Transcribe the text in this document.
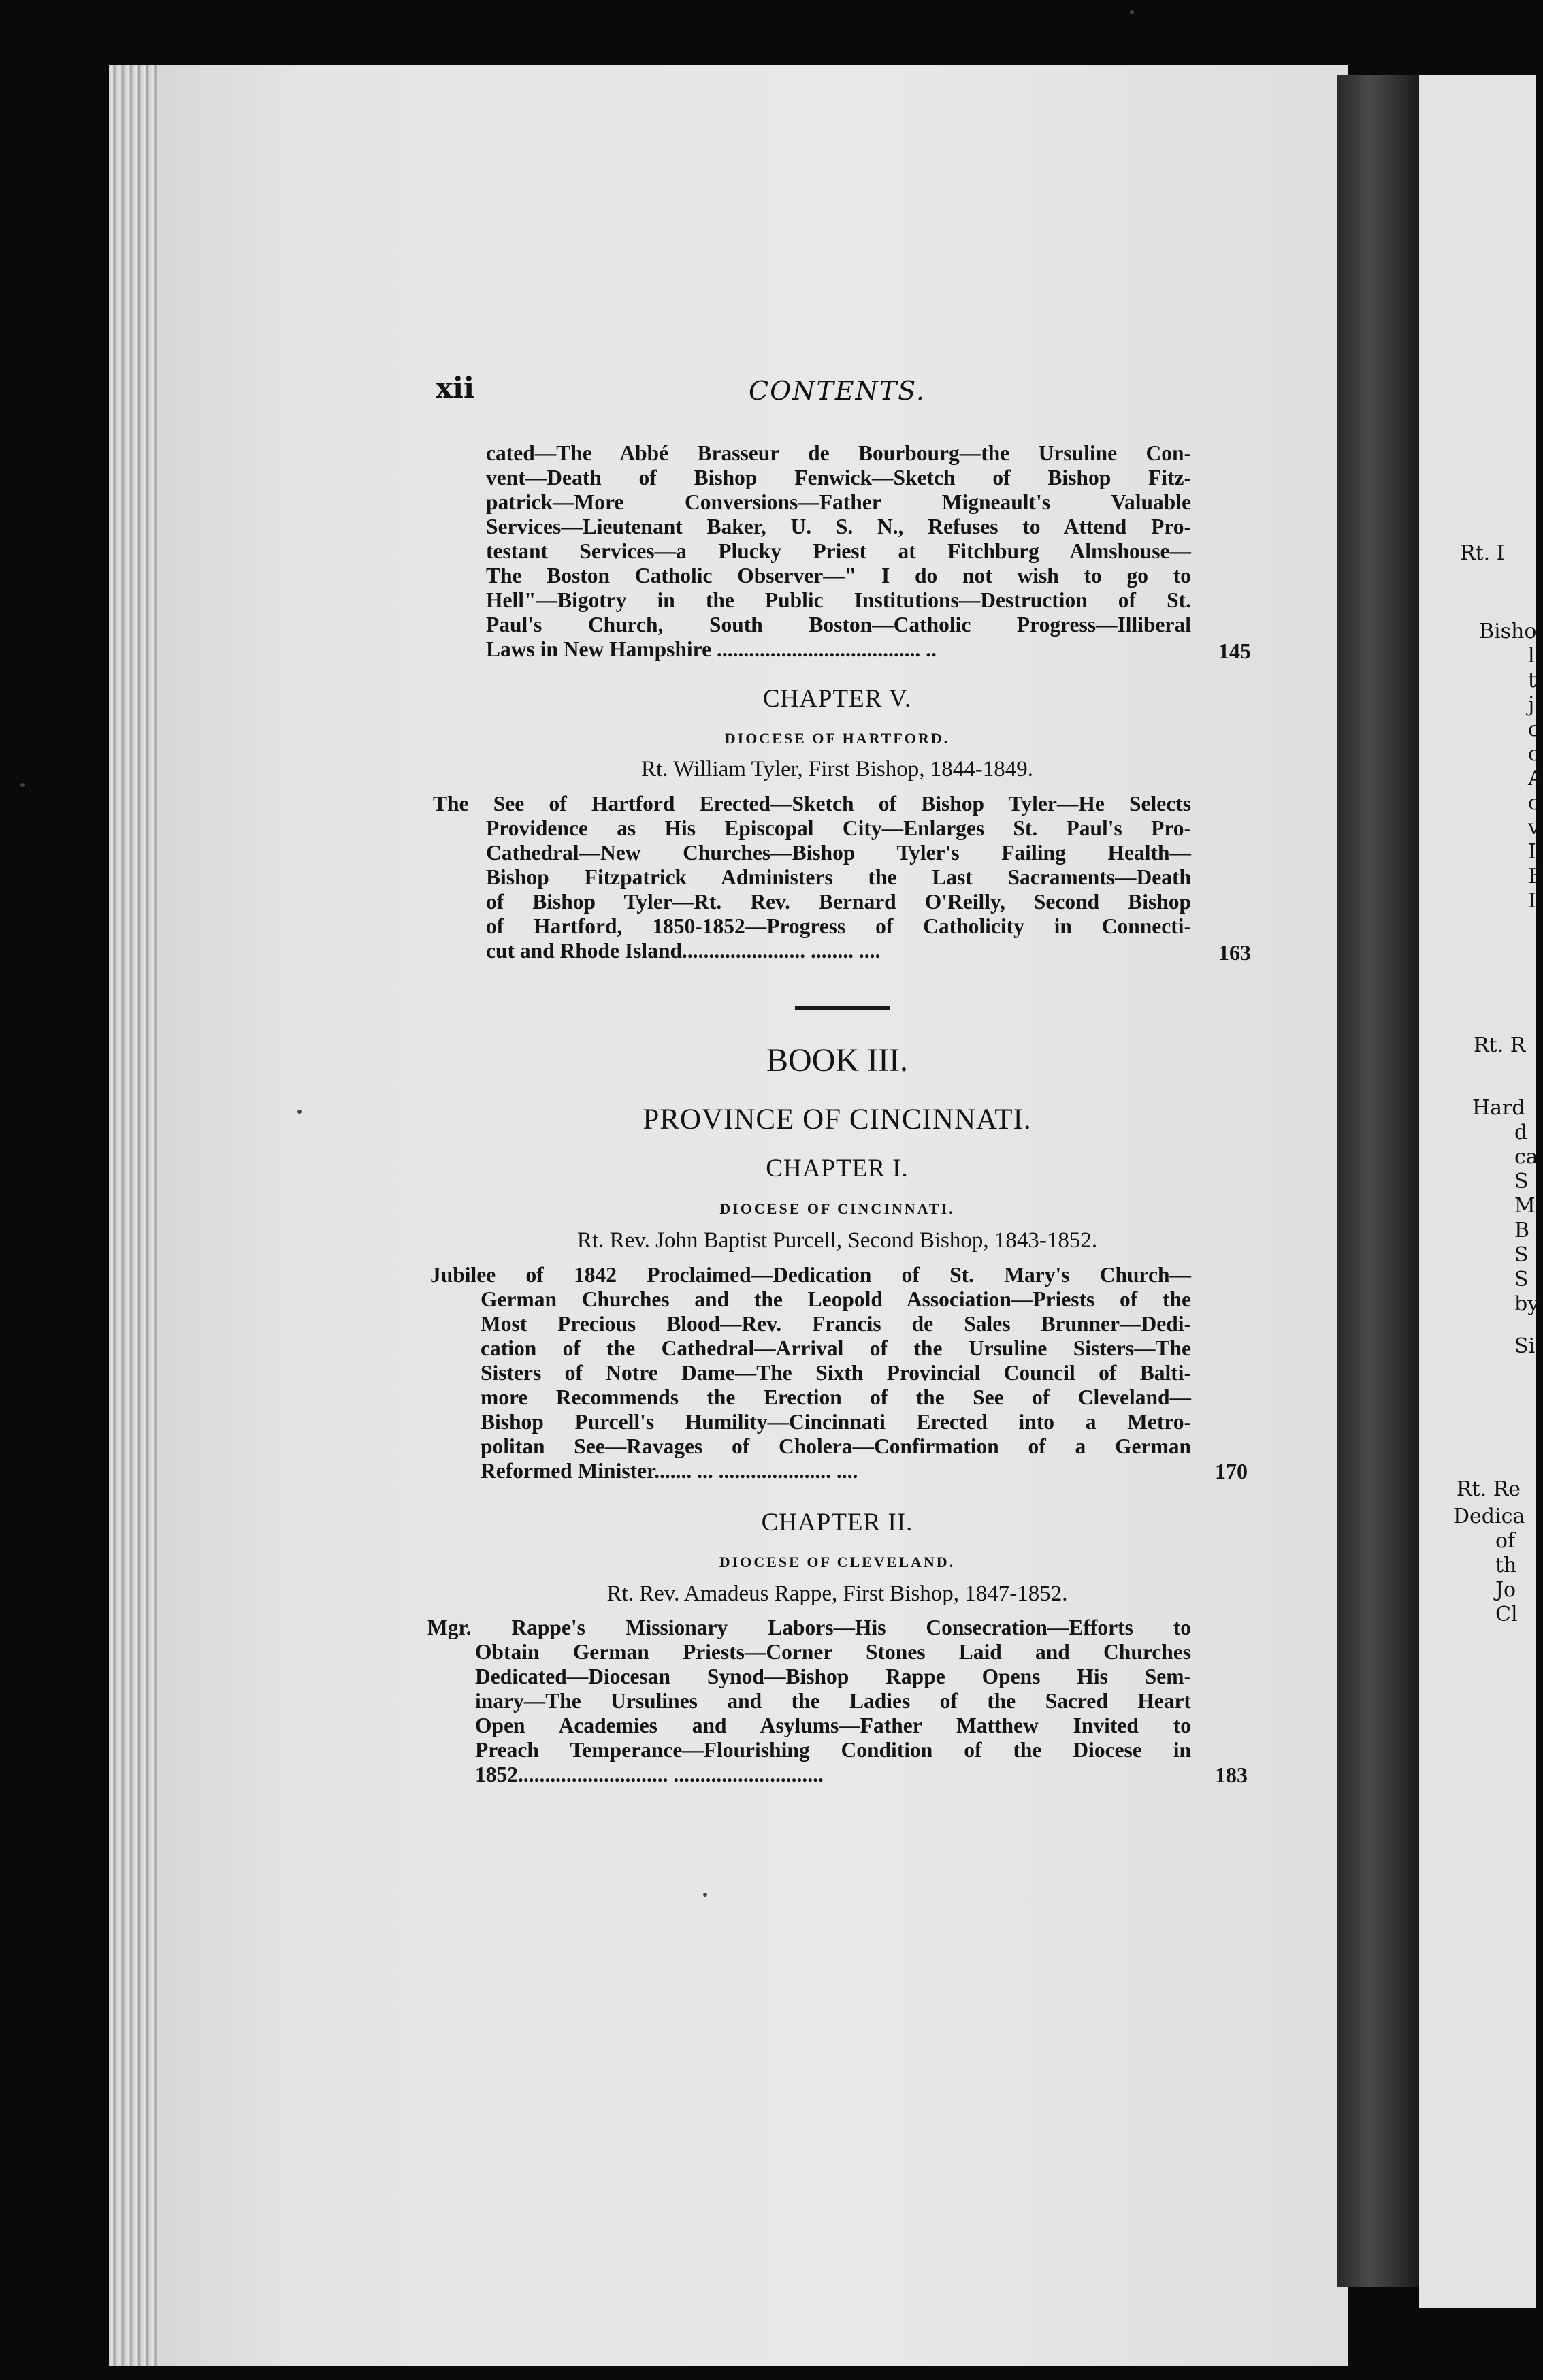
Rt. I
Bisho
l
t
j
c
c
A
c
v
I
F
I
Rt. R
Hard
d
ca
S
M
B
S
S
by
Si
Rt. Re
Dedica
of
th
Jo
Cl
xii	CONTENTS.
cated—The Abbé Brasseur de Bourbourg—the Ursuline Con-
vent—Death of Bishop Fenwick—Sketch of Bishop Fitz-
patrick—More Conversions—Father Migneault's Valuable
Services—Lieutenant Baker, U. S. N., Refuses to Attend Pro-
testant Services—a Plucky Priest at Fitchburg Almshouse—
The Boston Catholic Observer—" I do not wish to go to
Hell"—Bigotry in the Public Institutions—Destruction of St.
Paul's Church, South Boston—Catholic Progress—Illiberal
Laws in New Hampshire ...................................... ..	145
CHAPTER V.
DIOCESE OF HARTFORD.
Rt. William Tyler, First Bishop, 1844-1849.
The See of Hartford Erected—Sketch of Bishop Tyler—He Selects
Providence as His Episcopal City—Enlarges St. Paul's Pro-
Cathedral—New Churches—Bishop Tyler's Failing Health—
Bishop Fitzpatrick Administers the Last Sacraments—Death
of Bishop Tyler—Rt. Rev. Bernard O'Reilly, Second Bishop
of Hartford, 1850-1852—Progress of Catholicity in Connecti-
cut and Rhode Island....................... ........ ....	163
BOOK III.
PROVINCE OF CINCINNATI.
CHAPTER I.
DIOCESE OF CINCINNATI.
Rt. Rev. John Baptist Purcell, Second Bishop, 1843-1852.
Jubilee of 1842 Proclaimed—Dedication of St. Mary's Church—
German Churches and the Leopold Association—Priests of the
Most Precious Blood—Rev. Francis de Sales Brunner—Dedi-
cation of the Cathedral—Arrival of the Ursuline Sisters—The
Sisters of Notre Dame—The Sixth Provincial Council of Balti-
more Recommends the Erection of the See of Cleveland—
Bishop Purcell's Humility—Cincinnati Erected into a Metro-
politan See—Ravages of Cholera—Confirmation of a German
Reformed Minister....... ... ..................... ....	170
CHAPTER II.
DIOCESE OF CLEVELAND.
Rt. Rev. Amadeus Rappe, First Bishop, 1847-1852.
Mgr. Rappe's Missionary Labors—His Consecration—Efforts to
Obtain German Priests—Corner Stones Laid and Churches
Dedicated—Diocesan Synod—Bishop Rappe Opens His Sem-
inary—The Ursulines and the Ladies of the Sacred Heart
Open Academies and Asylums—Father Matthew Invited to
Preach Temperance—Flourishing Condition of the Diocese in
1852............................ ............................	183
